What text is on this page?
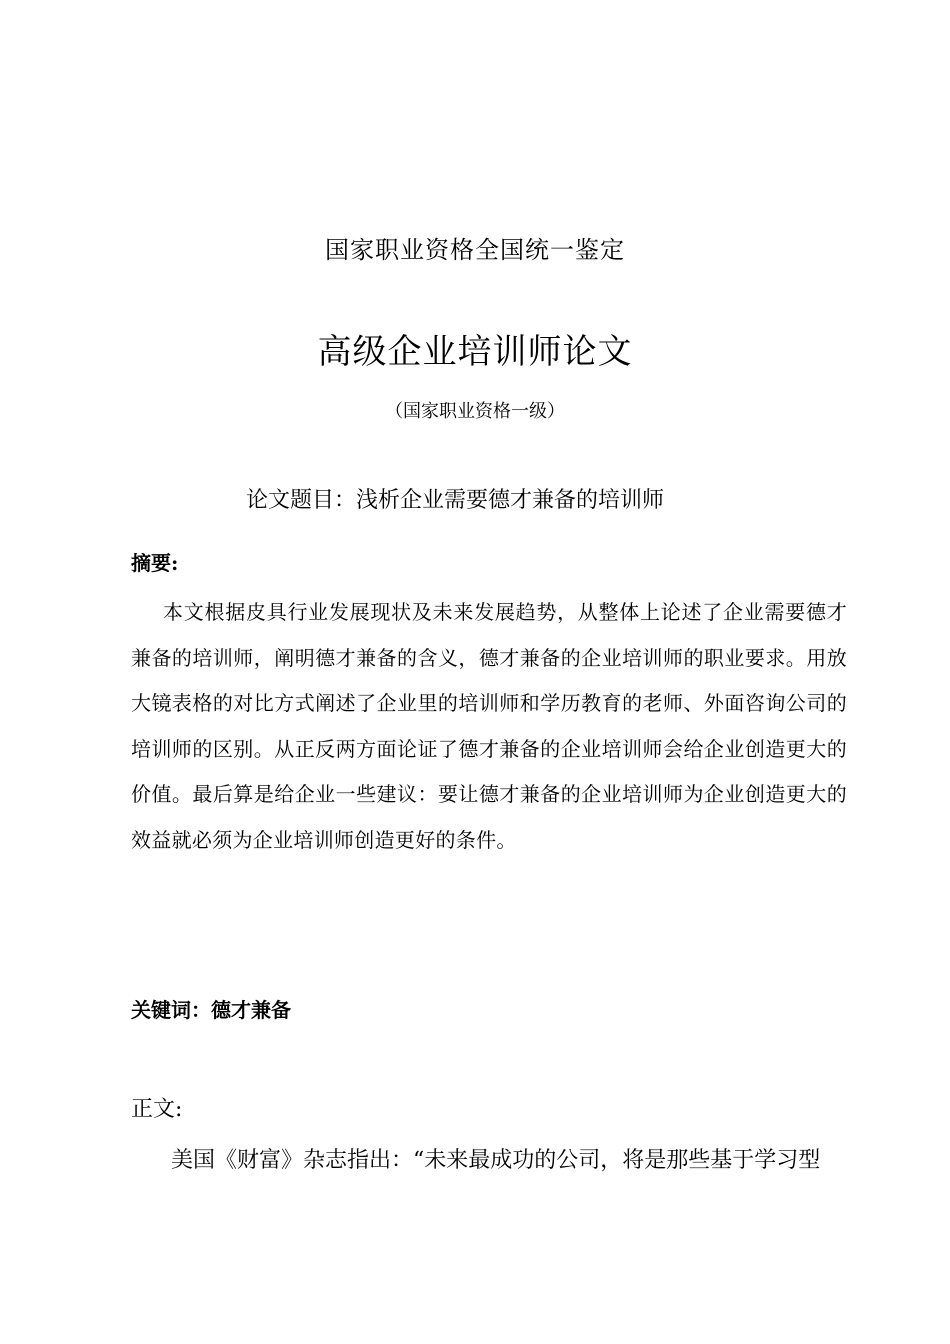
国家职业资格全国统一鉴定
高级企业培训师论文
（国家职业资格一级）
论文题目：浅析企业需要德才兼备的培训师
摘要:
本文根据皮具行业发展现状及未来发展趋势，从整体上论述了企业需要德才兼备的培训师，阐明德才兼备的含义，德才兼备的企业培训师的职业要求。用放大镜表格的对比方式阐述了企业里的培训师和学历教育的老师、外面咨询公司的培训师的区别。从正反两方面论证了德才兼备的企业培训师会给企业创造更大的价值。最后算是给企业一些建议：要让德才兼备的企业培训师为企业创造更大的效益就必须为企业培训师创造更好的条件。
关键词：德才兼备
正文:
美国《财富》杂志指出：“未来最成功的公司，将是那些基于学习型
